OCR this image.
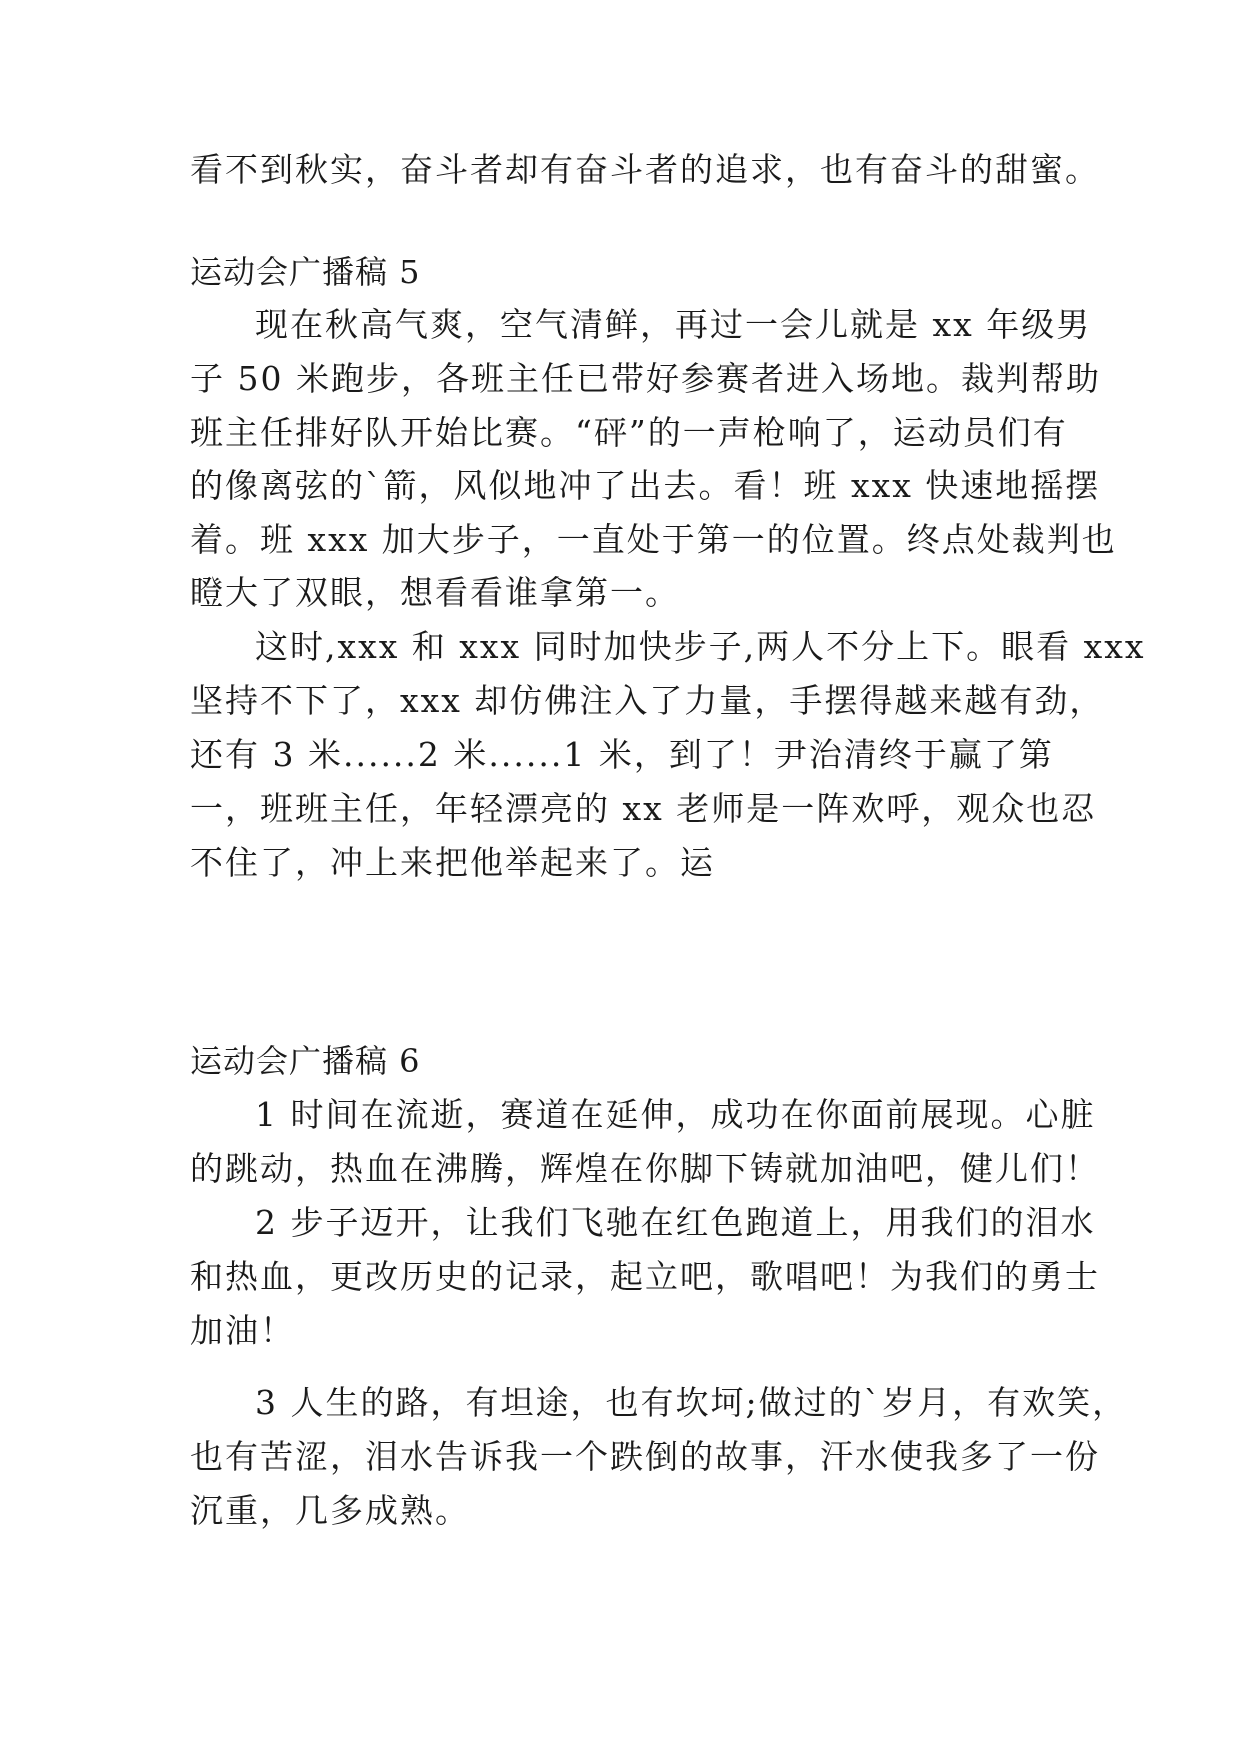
看不到秋实，奋斗者却有奋斗者的追求，也有奋斗的甜蜜。
运动会广播稿 5
现在秋高气爽，空气清鲜，再过一会儿就是 xx 年级男
子 50 米跑步，各班主任已带好参赛者进入场地。裁判帮助
班主任排好队开始比赛。“砰”的一声枪响了，运动员们有
的像离弦的`箭，风似地冲了出去。看！班 xxx 快速地摇摆
着。班 xxx 加大步子，一直处于第一的位置。终点处裁判也
瞪大了双眼，想看看谁拿第一。
这时,xxx 和 xxx 同时加快步子,两人不分上下。眼看 xxx
坚持不下了，xxx 却仿佛注入了力量，手摆得越来越有劲，
还有 3 米......2 米......1 米，到了！尹治清终于赢了第
一，班班主任，年轻漂亮的 xx 老师是一阵欢呼，观众也忍
不住了，冲上来把他举起来了。运
运动会广播稿 6
1 时间在流逝，赛道在延伸，成功在你面前展现。心脏
的跳动，热血在沸腾，辉煌在你脚下铸就加油吧，健儿们！
2 步子迈开，让我们飞驰在红色跑道上，用我们的泪水
和热血，更改历史的记录，起立吧，歌唱吧！为我们的勇士
加油！
3 人生的路，有坦途，也有坎坷;做过的`岁月，有欢笑，
也有苦涩，泪水告诉我一个跌倒的故事，汗水使我多了一份
沉重，几多成熟。
